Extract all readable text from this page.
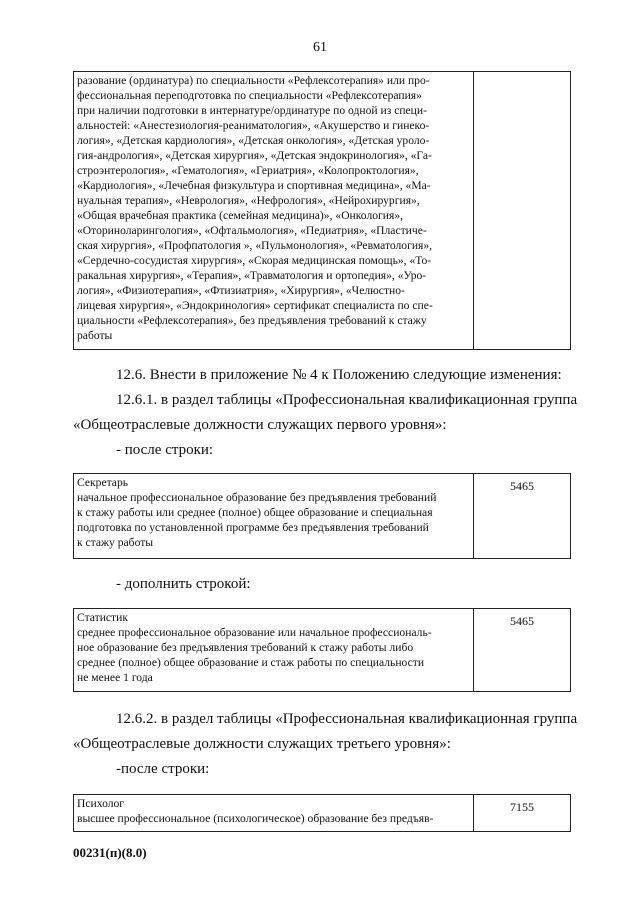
61
разование (ординатура) по специальности «Рефлексотерапия» или про-
фессиональная переподготовка по специальности «Рефлексотерапия»
при наличии подготовки в интернатуре/ординатуре по одной из специ-
альностей: «Анестезиология-реаниматология», «Акушерство и гинеко-
логия», «Детская кардиология», «Детская онкология», «Детская уроло-
гия-андрология», «Детская хирургия», «Детская эндокринология», «Га-
строэнтерология», «Гематология», «Гериатрия», «Колопроктология»,
«Кардиология», «Лечебная физкультура и спортивная медицина», «Ма-
нуальная терапия», «Неврология», «Нефрология», «Нейрохирургия»,
«Общая врачебная практика (семейная медицина)», «Онкология»,
«Оториноларингология», «Офтальмология», «Педиатрия», «Пластиче-
ская хирургия», «Профпатология », «Пульмонология», «Ревматология»,
«Сердечно-сосудистая хирургия», «Скорая медицинская помощь», «То-
ракальная хирургия», «Терапия», «Травматология и ортопедия», «Уро-
логия», «Физиотерапия», «Фтизиатрия», «Хирургия», «Челюстно-
лицевая хирургия», «Эндокринология» сертификат специалиста по спе-
циальности «Рефлексотерапия», без предъявления требований к стажу
работы

12.6. Внести в приложение № 4 к Положению следующие изменения:
12.6.1. в раздел таблицы «Профессиональная квалификационная группа
«Общеотраслевые должности служащих первого уровня»:
- после строки:
Секретарь
начальное профессиональное образование без предъявления требований
к стажу работы или среднее (полное) общее образование и специальная
подготовка по установленной программе без предъявления требований
к стажу работы
	5465
- дополнить строкой:
Статистик
среднее профессиональное образование или начальное профессиональ-
ное образование без предъявления требований к стажу работы либо
среднее (полное) общее образование и стаж работы по специальности
не менее 1 года
	5465
12.6.2. в раздел таблицы «Профессиональная квалификационная группа
«Общеотраслевые должности служащих третьего уровня»:
-после строки:
Психолог
высшее профессиональное (психологическое) образование без предъяв-
	7155
00231(п)(8.0)
